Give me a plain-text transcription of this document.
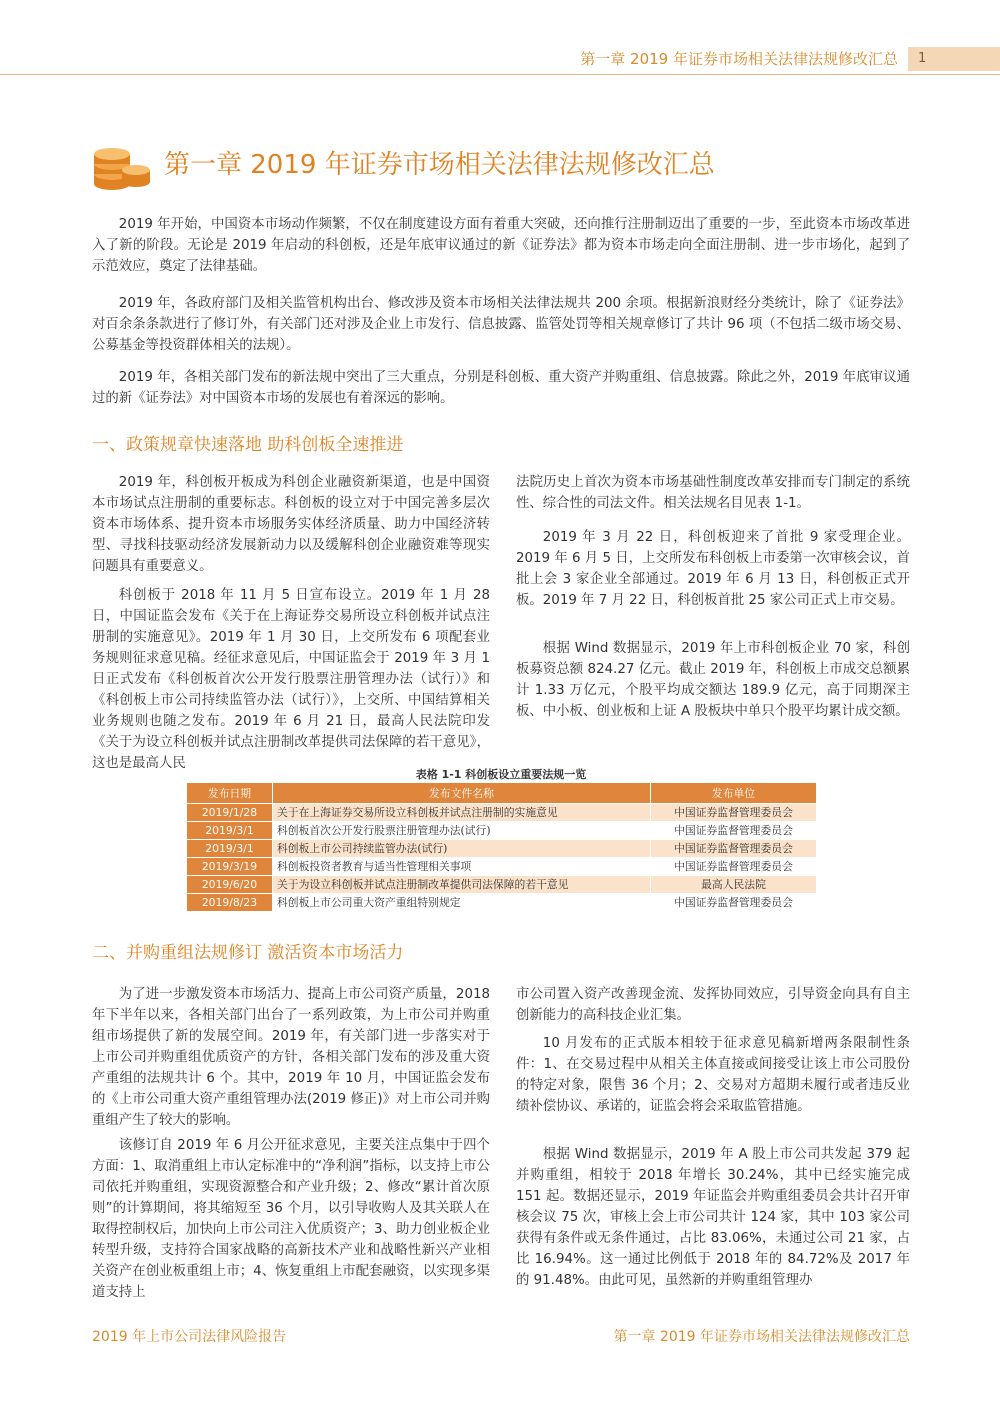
第一章 2019 年证券市场相关法律法规修改汇总	1
第一章 2019 年证券市场相关法律法规修改汇总

2019 年开始，中国资本市场动作频繁，不仅在制度建设方面有着重大突破，还向推行注册制迈出了重要的一步，至此资本市场改革进入了新的阶段。无论是 2019 年启动的科创板，还是年底审议通过的新《证券法》都为资本市场走向全面注册制、进一步市场化，起到了示范效应，奠定了法律基础。

2019 年，各政府部门及相关监管机构出台、修改涉及资本市场相关法律法规共 200 余项。根据新浪财经分类统计，除了《证券法》对百余条条款进行了修订外，有关部门还对涉及企业上市发行、信息披露、监管处罚等相关规章修订了共计 96 项（不包括二级市场交易、公募基金等投资群体相关的法规）。

2019 年，各相关部门发布的新法规中突出了三大重点，分别是科创板、重大资产并购重组、信息披露。除此之外，2019 年底审议通过的新《证券法》对中国资本市场的发展也有着深远的影响。

一、政策规章快速落地 助科创板全速推进

2019 年，科创板开板成为科创企业融资新渠道，也是中国资本市场试点注册制的重要标志。科创板的设立对于中国完善多层次资本市场体系、提升资本市场服务实体经济质量、助力中国经济转型、寻找科技驱动经济发展新动力以及缓解科创企业融资难等现实问题具有重要意义。

科创板于 2018 年 11 月 5 日宣布设立。2019 年 1 月 28 日，中国证监会发布《关于在上海证券交易所设立科创板并试点注册制的实施意见》。2019 年 1 月 30 日，上交所发布 6 项配套业务规则征求意见稿。经征求意见后，中国证监会于 2019 年 3 月 1 日正式发布《科创板首次公开发行股票注册管理办法（试行）》和《科创板上市公司持续监管办法（试行）》，上交所、中国结算相关业务规则也随之发布。2019 年 6 月 21 日，最高人民法院印发《关于为设立科创板并试点注册制改革提供司法保障的若干意见》，这也是最高人民

法院历史上首次为资本市场基础性制度改革安排而专门制定的系统性、综合性的司法文件。相关法规名目见表 1-1。

2019 年 3 月 22 日，科创板迎来了首批 9 家受理企业。2019 年 6 月 5 日，上交所发布科创板上市委第一次审核会议，首批上会 3 家企业全部通过。2019 年 6 月 13 日，科创板正式开板。2019 年 7 月 22 日，科创板首批 25 家公司正式上市交易。

根据 Wind 数据显示，2019 年上市科创板企业 70 家，科创板募资总额 824.27 亿元。截止 2019 年，科创板上市成交总额累计 1.33 万亿元，个股平均成交额达 189.9 亿元，高于同期深主板、中小板、创业板和上证 A 股板块中单只个股平均累计成交额。

表格 1-1 科创板设立重要法规一览
发布日期	发布文件名称	发布单位
2019/1/28	关于在上海证券交易所设立科创板并试点注册制的实施意见	中国证券监督管理委员会
2019/3/1	科创板首次公开发行股票注册管理办法(试行)	中国证券监督管理委员会
2019/3/1	科创板上市公司持续监管办法(试行)	中国证券监督管理委员会
2019/3/19	科创板投资者教育与适当性管理相关事项	中国证券监督管理委员会
2019/6/20	关于为设立科创板并试点注册制改革提供司法保障的若干意见	最高人民法院
2019/8/23	科创板上市公司重大资产重组特别规定	中国证券监督管理委员会
二、并购重组法规修订 激活资本市场活力

为了进一步激发资本市场活力、提高上市公司资产质量，2018 年下半年以来，各相关部门出台了一系列政策，为上市公司并购重组市场提供了新的发展空间。2019 年，有关部门进一步落实对于上市公司并购重组优质资产的方针，各相关部门发布的涉及重大资产重组的法规共计 6 个。其中，2019 年 10 月，中国证监会发布的《上市公司重大资产重组管理办法(2019 修正)》对上市公司并购重组产生了较大的影响。

该修订自 2019 年 6 月公开征求意见，主要关注点集中于四个方面：1、取消重组上市认定标准中的“净利润”指标，以支持上市公司依托并购重组，实现资源整合和产业升级；2、修改“累计首次原则”的计算期间，将其缩短至 36 个月，以引导收购人及其关联人在取得控制权后，加快向上市公司注入优质资产；3、助力创业板企业转型升级，支持符合国家战略的高新技术产业和战略性新兴产业相关资产在创业板重组上市；4、恢复重组上市配套融资，以实现多渠道支持上

市公司置入资产改善现金流、发挥协同效应，引导资金向具有自主创新能力的高科技企业汇集。

10 月发布的正式版本相较于征求意见稿新增两条限制性条件：1、在交易过程中从相关主体直接或间接受让该上市公司股份的特定对象，限售 36 个月；2、交易对方超期未履行或者违反业绩补偿协议、承诺的，证监会将会采取监管措施。

根据 Wind 数据显示，2019 年 A 股上市公司共发起 379 起并购重组，相较于 2018 年增长 30.24%，其中已经实施完成 151 起。数据还显示，2019 年证监会并购重组委员会共计召开审核会议 75 次，审核上会上市公司共计 124 家，其中 103 家公司获得有条件或无条件通过，占比 83.06%，未通过公司 21 家，占比 16.94%。这一通过比例低于 2018 年的 84.72%及 2017 年的 91.48%。由此可见，虽然新的并购重组管理办

2019 年上市公司法律风险报告	第一章 2019 年证券市场相关法律法规修改汇总
